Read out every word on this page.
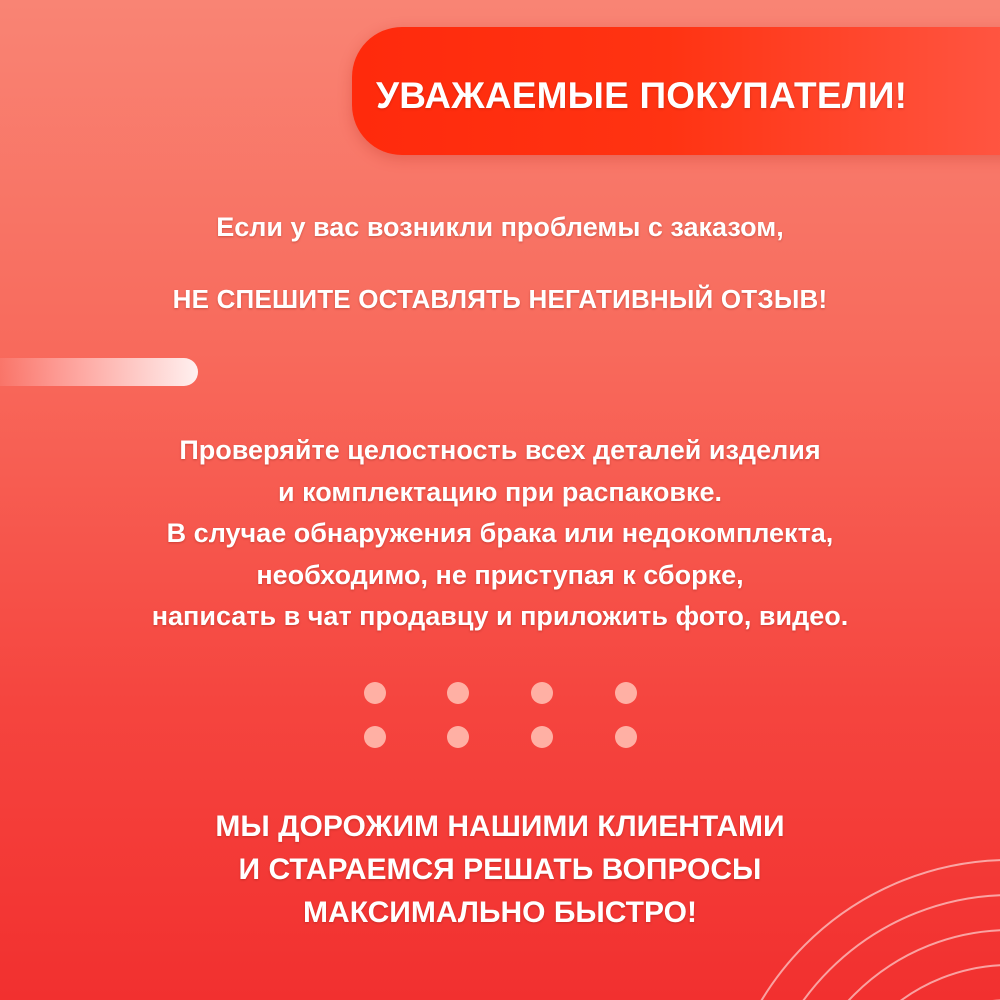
УВАЖАЕМЫЕ ПОКУПАТЕЛИ!

Если у вас возникли проблемы с заказом,

НЕ СПЕШИТЕ ОСТАВЛЯТЬ НЕГАТИВНЫЙ ОТЗЫВ!

Проверяйте целостность всех деталей изделия
и комплектацию при распаковке.
В случае обнаружения брака или недокомплекта,
необходимо, не приступая к сборке,
написать в чат продавцу и приложить фото, видео.

МЫ ДОРОЖИМ НАШИМИ КЛИЕНТАМИ
И СТАРАЕМСЯ РЕШАТЬ ВОПРОСЫ
МАКСИМАЛЬНО БЫСТРО!
